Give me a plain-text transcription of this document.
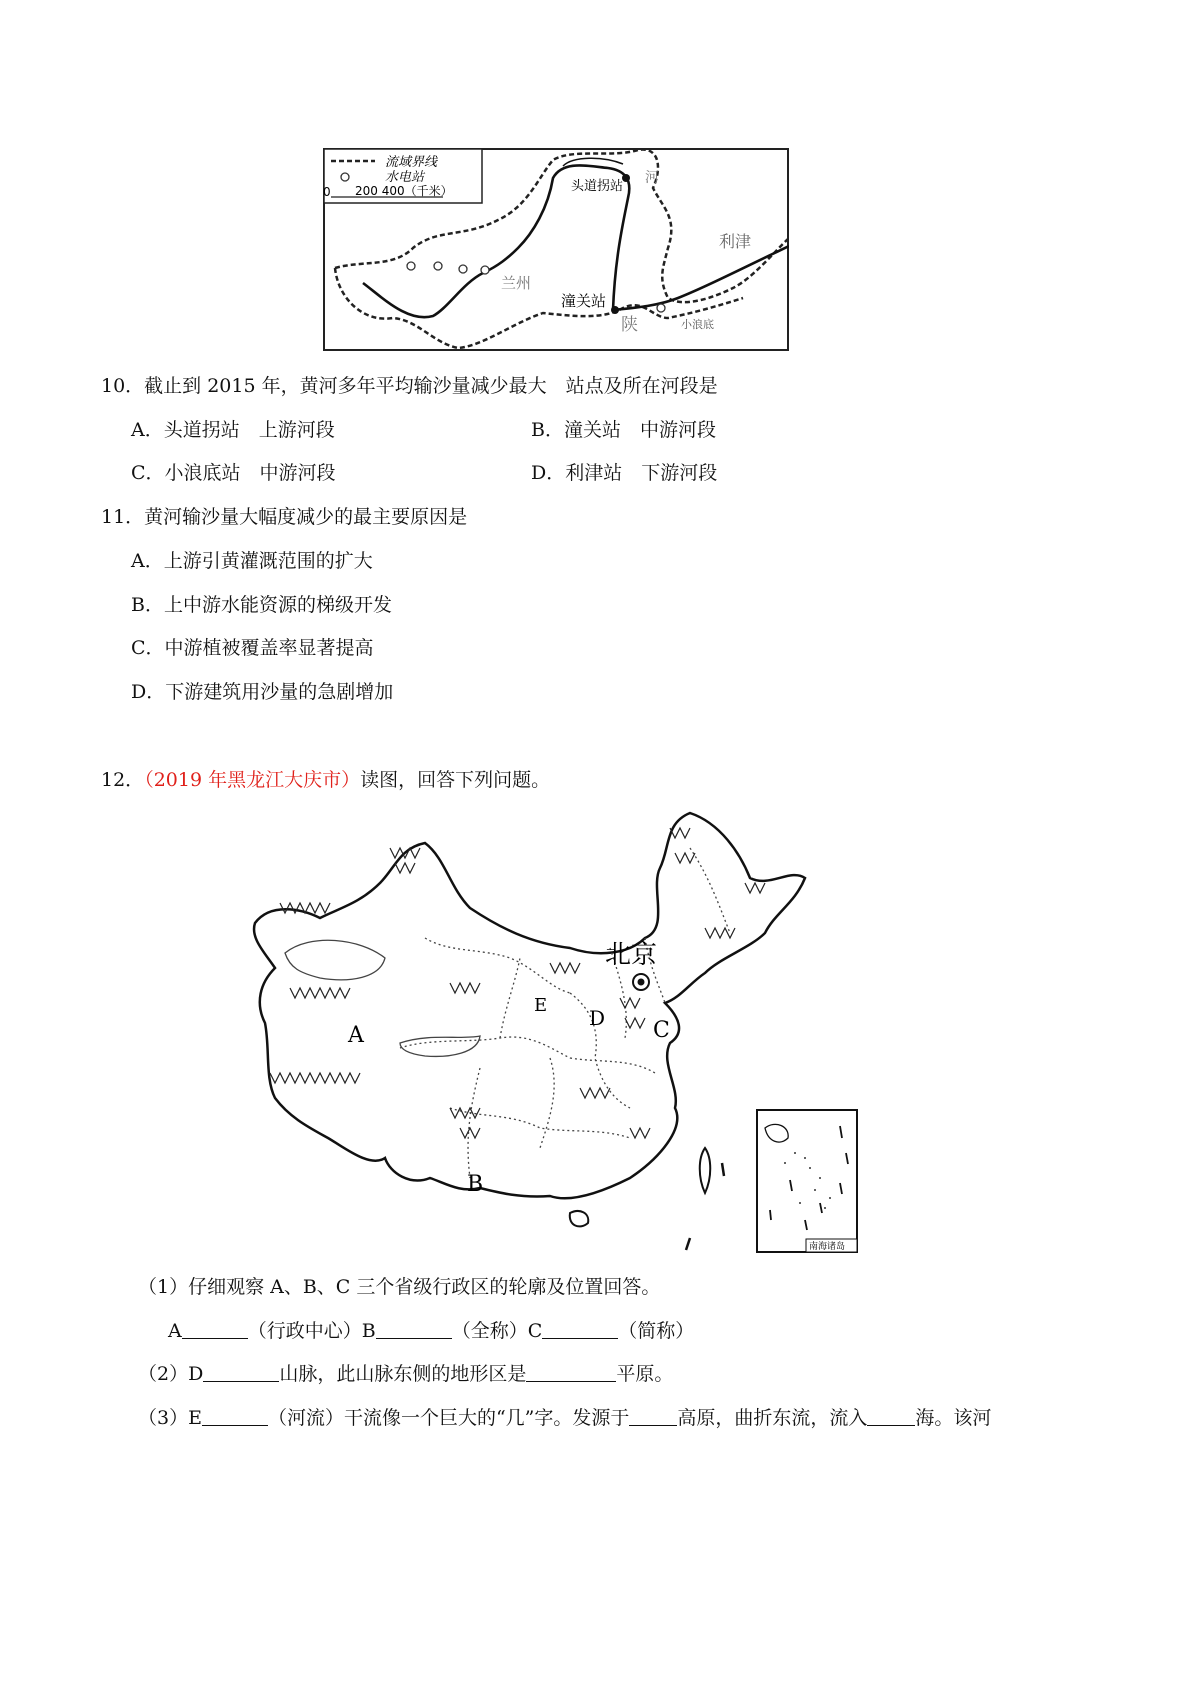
流域界线
水电站
0 200 400（千米）	头道拐站
河
利津
兰州
潼关站
陕	小浪底
10．截止到 2015 年，黄河多年平均输沙量减少最大　站点及所在河段是
A．头道拐站　上游河段	B．潼关站　中游河段
C．小浪底站　中游河段	D．利津站　下游河段
11．黄河输沙量大幅度减少的最主要原因是
A．上游引黄灌溉范围的扩大
B．上中游水能资源的梯级开发
C．中游植被覆盖率显著提高
D．下游建筑用沙量的急剧增加
12．（2019 年黑龙江大庆市）读图，回答下列问题。
北京
A
B
C
D
E
南海诸岛
（1）仔细观察 A、B、C 三个省级行政区的轮廓及位置回答。
A	（行政中心）B	（全称）C	（简称）
（2）D	山脉，此山脉东侧的地形区是	平原。
（3）E	（河流）干流像一个巨大的“几”字。发源于	高原，曲折东流，流入	海。该河
